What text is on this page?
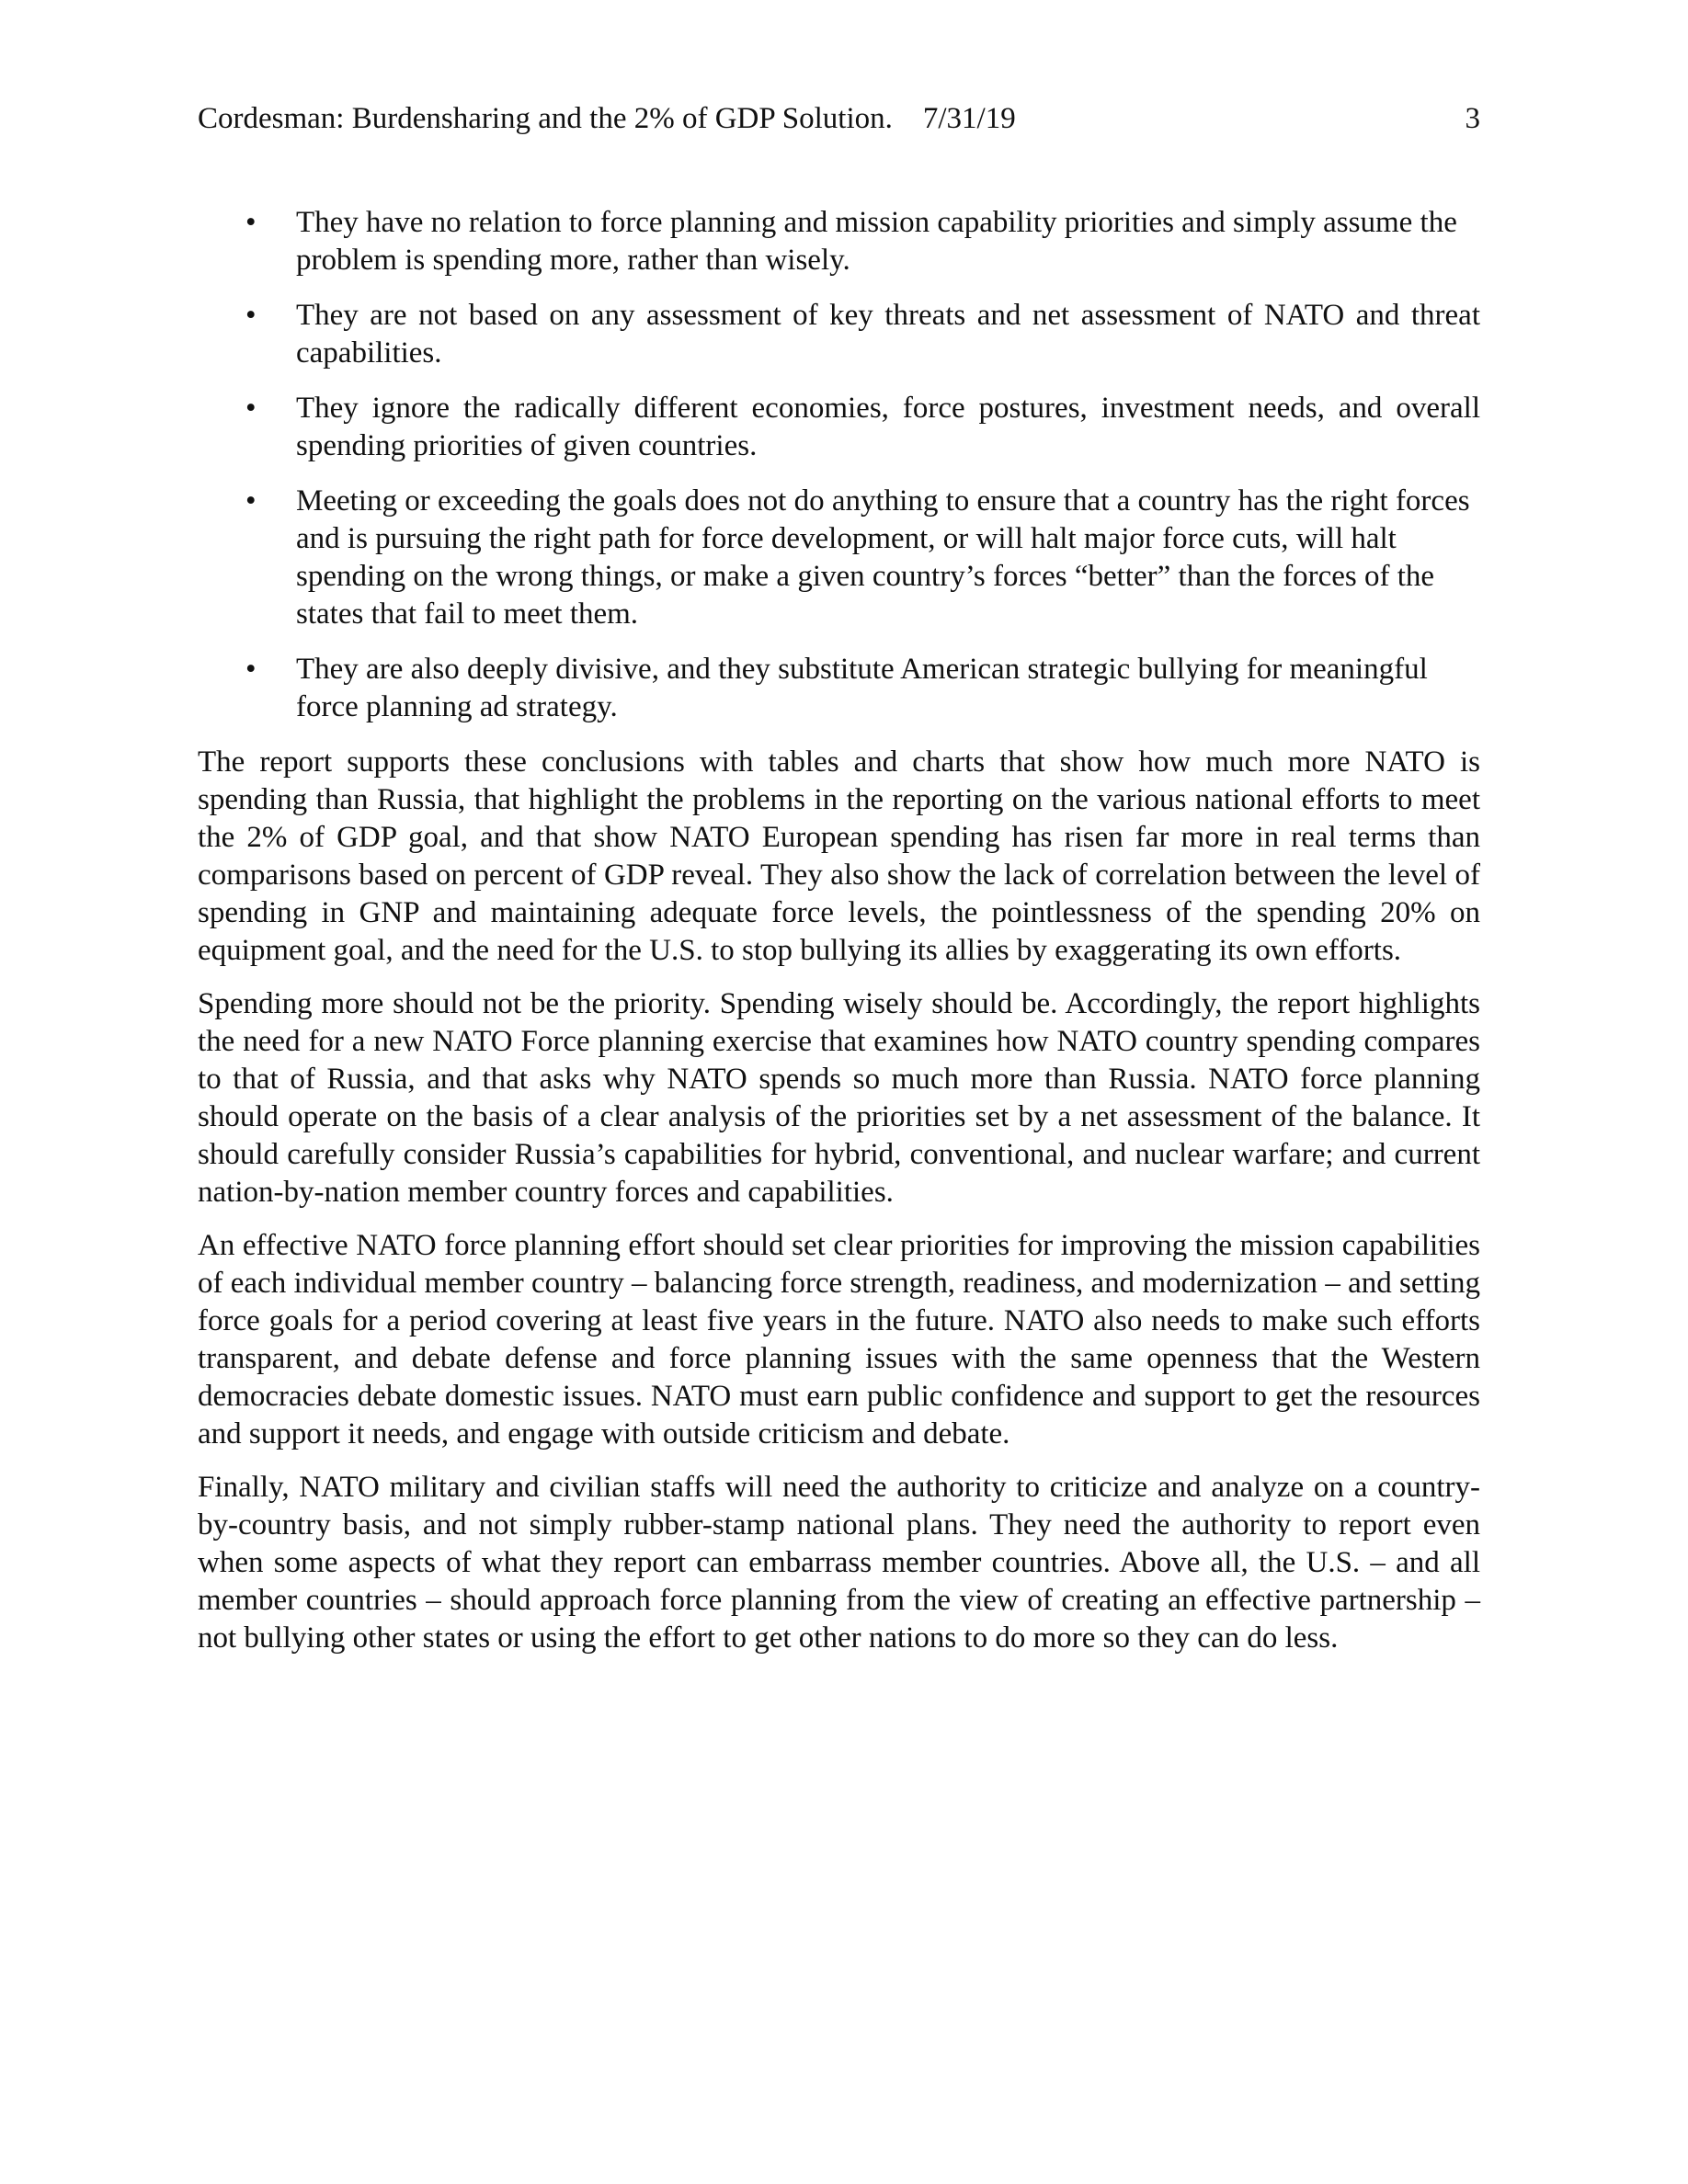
Cordesman: Burdensharing and the 2% of GDP Solution.    7/31/19	3
• They have no relation to force planning and mission capability priorities and simply assume the problem is spending more, rather than wisely.
• They are not based on any assessment of key threats and net assessment of NATO and threat capabilities.
• They ignore the radically different economies, force postures, investment needs, and overall spending priorities of given countries.
• Meeting or exceeding the goals does not do anything to ensure that a country has the right forces and is pursuing the right path for force development, or will halt major force cuts, will halt spending on the wrong things, or make a given country’s forces “better” than the forces of the states that fail to meet them.
• They are also deeply divisive, and they substitute American strategic bullying for meaningful force planning ad strategy.

The report supports these conclusions with tables and charts that show how much more NATO is spending than Russia, that highlight the problems in the reporting on the various national efforts to meet the 2% of GDP goal, and that show NATO European spending has risen far more in real terms than comparisons based on percent of GDP reveal. They also show the lack of correlation between the level of spending in GNP and maintaining adequate force levels, the pointlessness of the spending 20% on equipment goal, and the need for the U.S. to stop bullying its allies by exaggerating its own efforts.

Spending more should not be the priority. Spending wisely should be. Accordingly, the report highlights the need for a new NATO Force planning exercise that examines how NATO country spending compares to that of Russia, and that asks why NATO spends so much more than Russia. NATO force planning should operate on the basis of a clear analysis of the priorities set by a net assessment of the balance. It should carefully consider Russia’s capabilities for hybrid, conventional, and nuclear warfare; and current nation-by-nation member country forces and capabilities.

An effective NATO force planning effort should set clear priorities for improving the mission capabilities of each individual member country – balancing force strength, readiness, and modernization – and setting force goals for a period covering at least five years in the future. NATO also needs to make such efforts transparent, and debate defense and force planning issues with the same openness that the Western democracies debate domestic issues. NATO must earn public confidence and support to get the resources and support it needs, and engage with outside criticism and debate.

Finally, NATO military and civilian staffs will need the authority to criticize and analyze on a country-by-country basis, and not simply rubber-stamp national plans. They need the authority to report even when some aspects of what they report can embarrass member countries. Above all, the U.S. – and all member countries – should approach force planning from the view of creating an effective partnership – not bullying other states or using the effort to get other nations to do more so they can do less.
